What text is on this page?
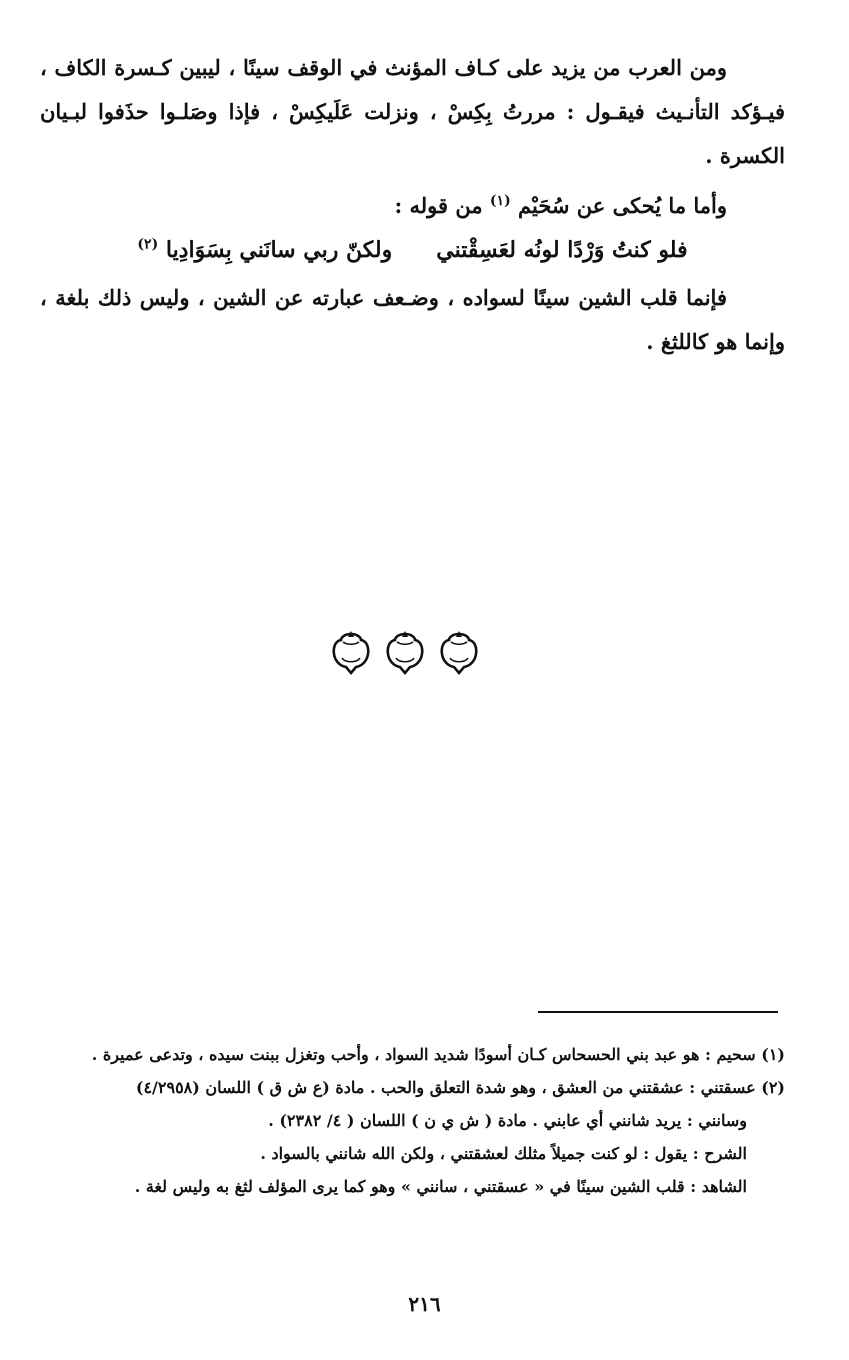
ومن العرب من يزيد على كـاف المؤنث في الوقف سينًا ، ليبين كـسرة الكاف ، فيـؤكد التأنـيث فيقـول : مررتُ بِكِسْ ، ونزلت عَلَيكِسْ ، فإذا وصَلـوا حذَفوا لبـيان الكسرة .

وأما ما يُحكى عن سُحَيْم $^{(١)}$ من قوله :

فلو كنتُ وَرْدًا لونُه لعَسِقْتني
ولكنّ ربي سانَني بِسَوَادِيا $^{(٢)}$

فإنما قلب الشين سينًا لسواده ، وضـعف عبارته عن الشين ، وليس ذلك بلغة ، وإنما هو كاللثغ .

(١) سحيم : هو عبد بني الحسحاس كـان أسودًا شديد السواد ، وأحب وتغزل ببنت سيده ، وتدعى عميرة .

(٢) عسقتني : عشقتني من العشق ، وهو شدة التعلق والحب . مادة (ع ش ق ) اللسان (٤/٢٩٥٨)

وسانني : يريد شانني أي عابني . مادة ( ش ي ن ) اللسان ( ٤/ ٢٣٨٢) .

الشرح : يقول : لو كنت جميلاً مثلك لعشقتني ، ولكن الله شانني بالسواد .

الشاهد : قلب الشين سينًا في « عسقتني ، سانني » وهو كما يرى المؤلف لثغ به وليس لغة .

٢١٦
